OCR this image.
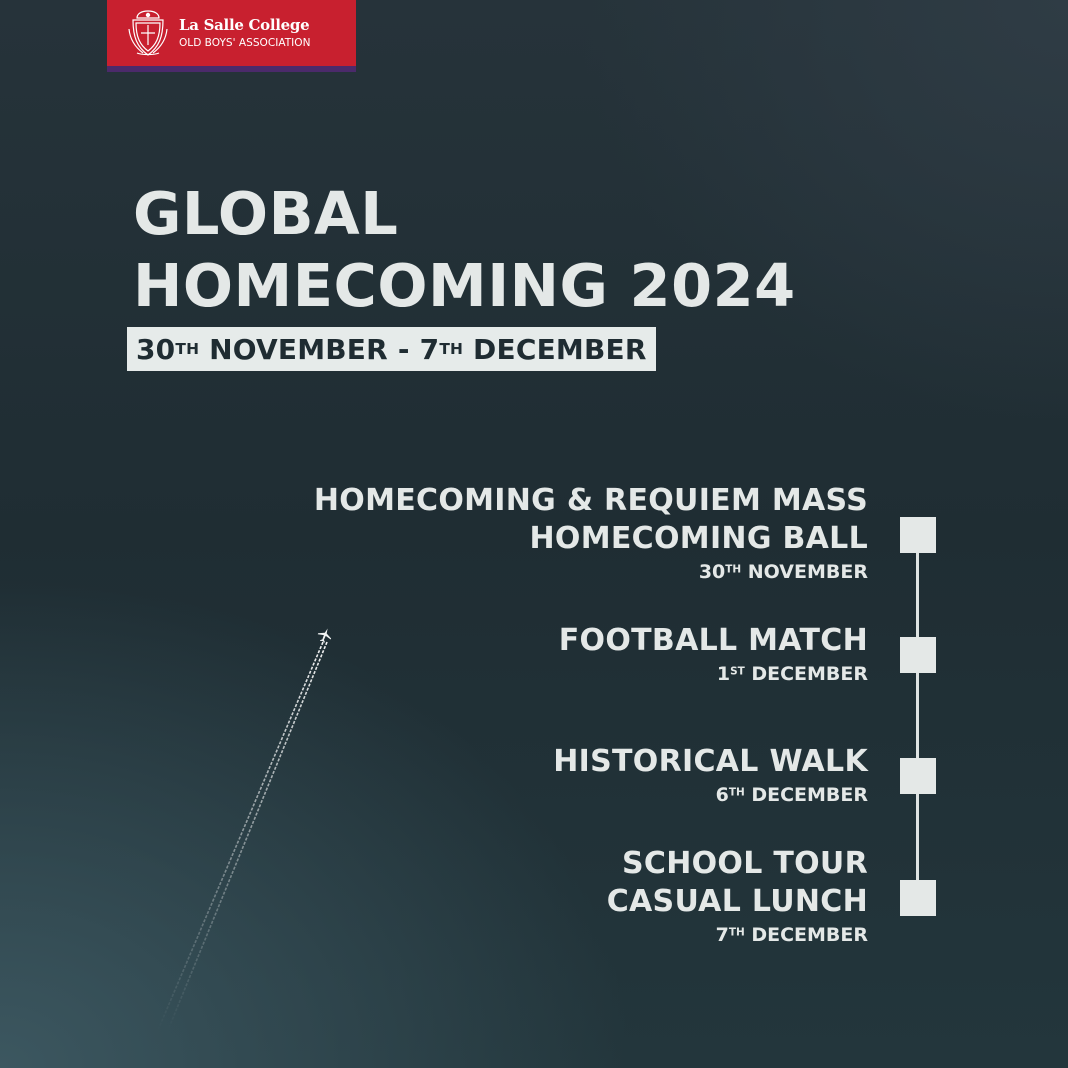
La Salle College
OLD BOYS' ASSOCIATION
GLOBAL
HOMECOMING 2024
30 TH
NOVEMBER
-
7 TH
DECEMBER
HOMECOMING & REQUIEM MASS
HOMECOMING BALL
30TH NOVEMBER
FOOTBALL MATCH
1ST DECEMBER
HISTORICAL WALK
6TH DECEMBER
SCHOOL TOUR
CASUAL LUNCH
7TH DECEMBER
